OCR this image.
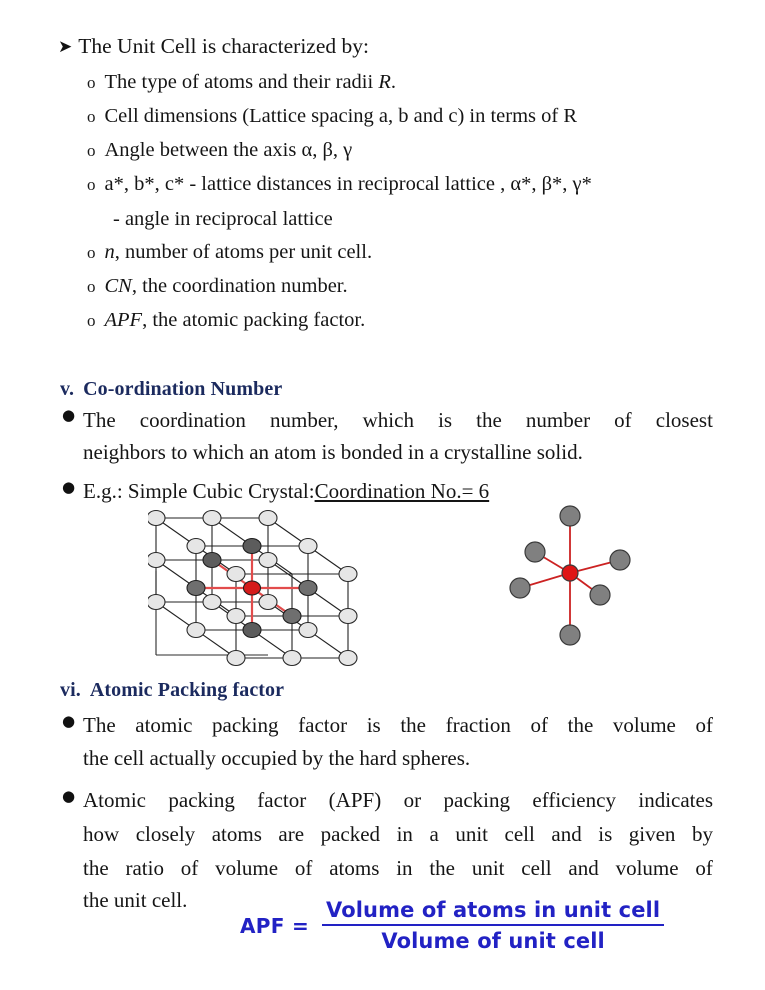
➤ The Unit Cell is characterized by:
o The type of atoms and their radii R.
o Cell dimensions (Lattice spacing a, b and c) in terms of R
o Angle between the axis α, β, γ
o a*, b*, c* - lattice distances in reciprocal lattice , α*, β*, γ*
- angle in reciprocal lattice
o n, number of atoms per unit cell.
o CN, the coordination number.
o APF, the atomic packing factor.
v. Co-ordination Number
● The coordination number, which is the number of closest
neighbors to which an atom is bonded in a crystalline solid.
● E.g.: Simple Cubic Crystal: Coordination No.= 6
vi. Atomic Packing factor
● The atomic packing factor is the fraction of the volume of
the cell actually occupied by the hard spheres.
● Atomic packing factor (APF) or packing efficiency indicates
how closely atoms are packed in a unit cell and is given by
the ratio of volume of atoms in the unit cell and volume of
the unit cell.
APF = $\frac{\text{Volume of atoms in unit cell}}{\text{Volume of unit cell}}$
